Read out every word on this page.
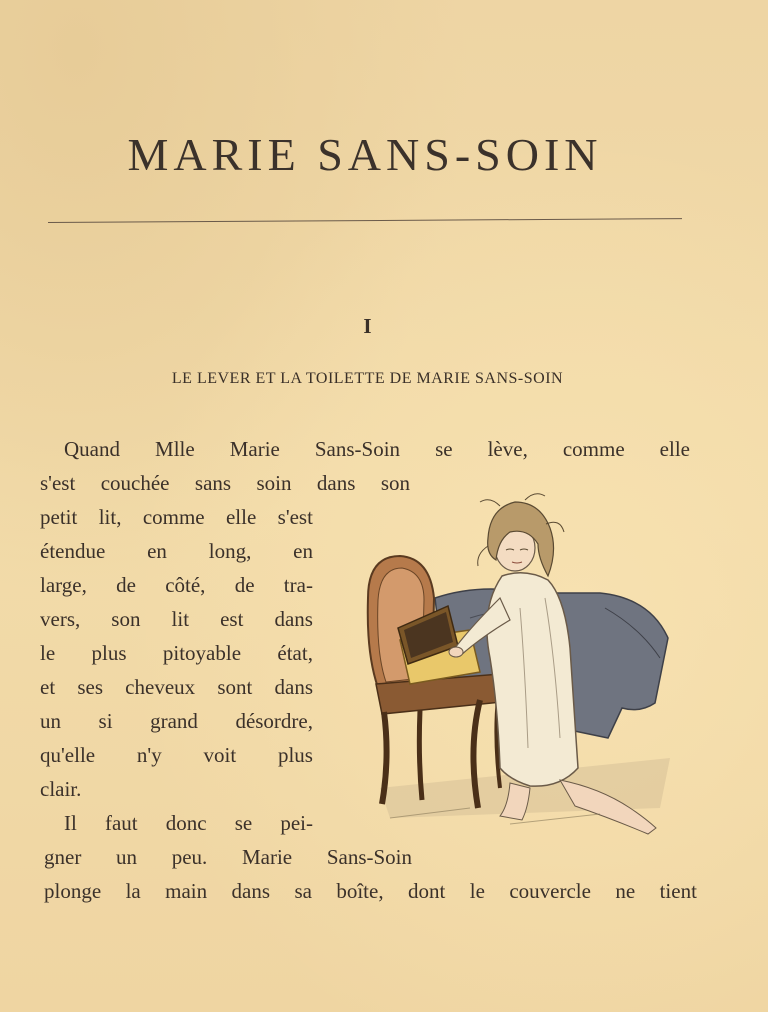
MARIE SANS-SOIN
I
LE LEVER ET LA TOILETTE DE MARIE SANS-SOIN
Quand Mlle Marie Sans-Soin se lève, comme elle
s'est couchée sans soin dans son
petit lit, comme elle s'est
étendue en long, en
large, de côté, de tra-
vers, son lit est dans
le plus pitoyable état,
et ses cheveux sont dans
un si grand désordre,
qu'elle n'y voit plus
clair.
Il faut donc se pei-
gner un peu. Marie Sans-Soin
plonge la main dans sa boîte, dont le couvercle ne tient
